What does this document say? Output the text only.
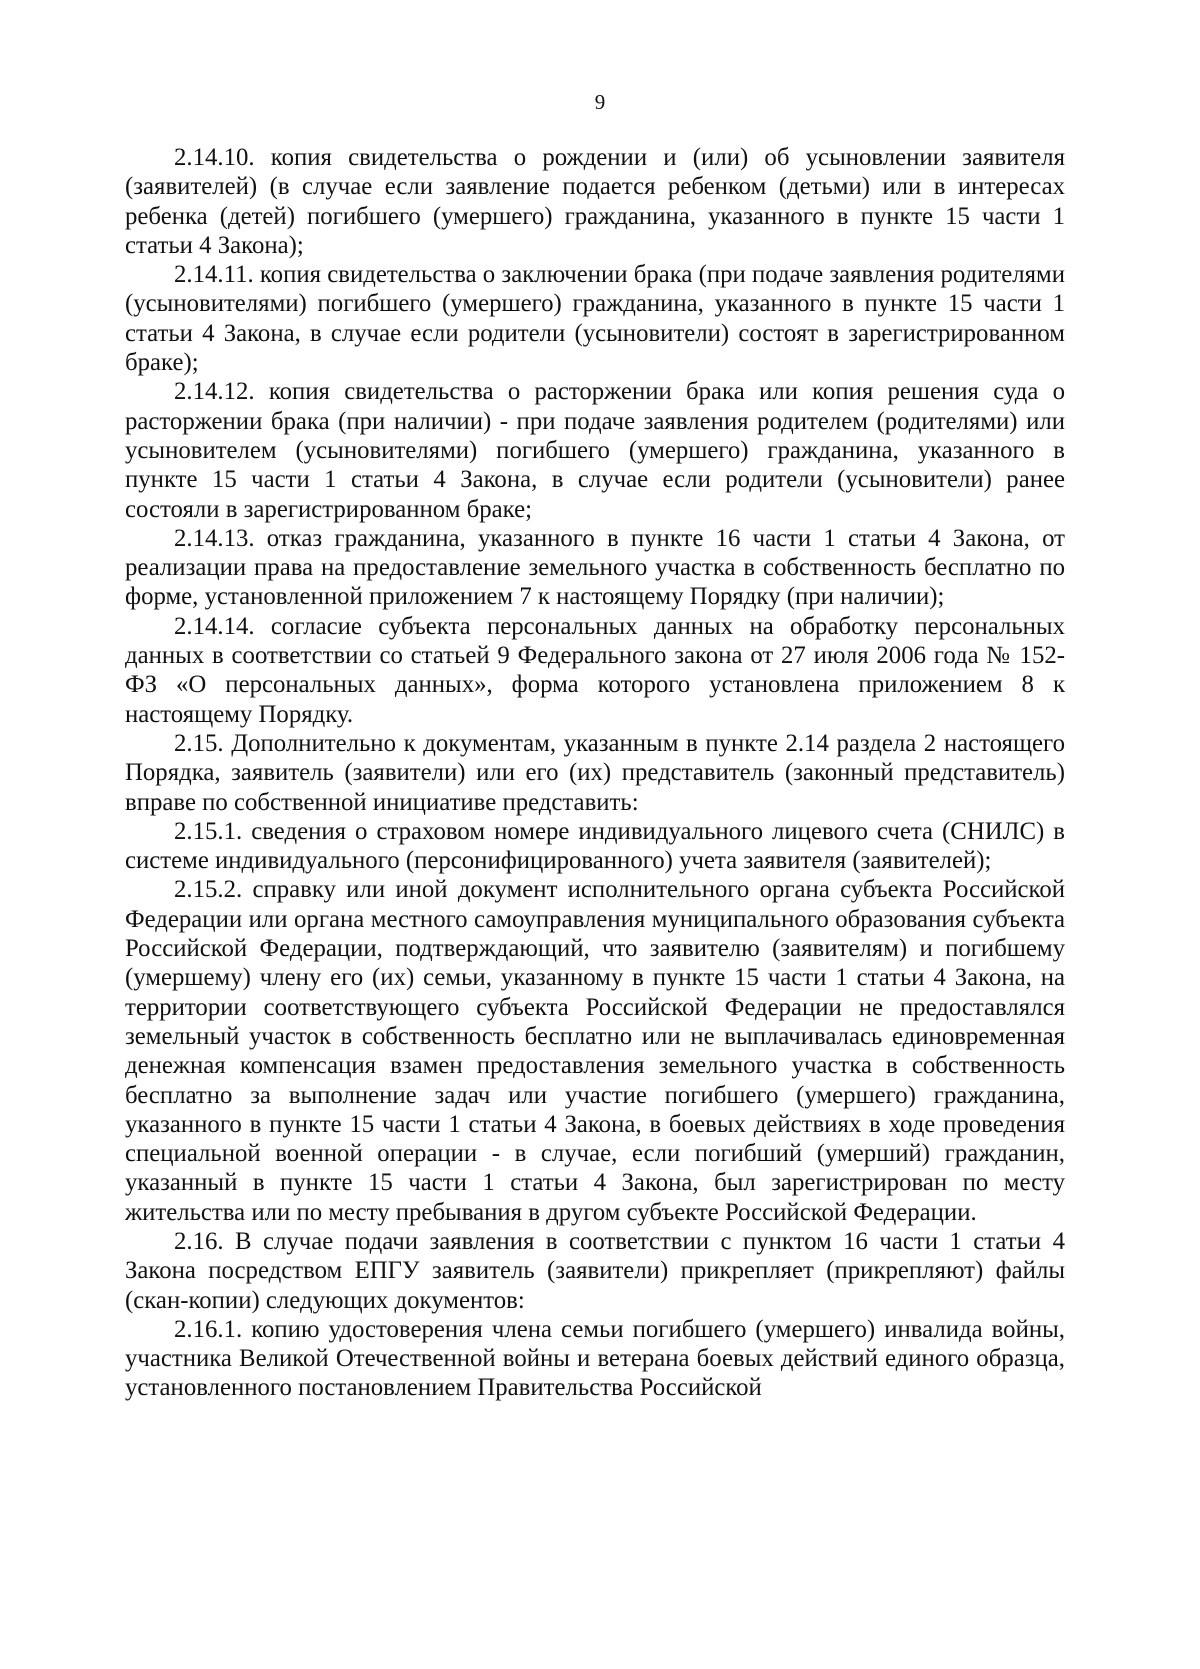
9

2.14.10. копия свидетельства о рождении и (или) об усыновлении заявителя (заявителей) (в случае если заявление подается ребенком (детьми) или в интересах ребенка (детей) погибшего (умершего) гражданина, указанного в пункте 15 части 1 статьи 4 Закона);

2.14.11. копия свидетельства о заключении брака (при подаче заявления родителями (усыновителями) погибшего (умершего) гражданина, указанного в пункте 15 части 1 статьи 4 Закона, в случае если родители (усыновители) состоят в зарегистрированном браке);

2.14.12. копия свидетельства о расторжении брака или копия решения суда о расторжении брака (при наличии) - при подаче заявления родителем (родителями) или усыновителем (усыновителями) погибшего (умершего) гражданина, указанного в пункте 15 части 1 статьи 4 Закона, в случае если родители (усыновители) ранее состояли в зарегистрированном браке;

2.14.13. отказ гражданина, указанного в пункте 16 части 1 статьи 4 Закона, от реализации права на предоставление земельного участка в собственность бесплатно по форме, установленной приложением 7 к настоящему Порядку (при наличии);

2.14.14. согласие субъекта персональных данных на обработку персональных данных в соответствии со статьей 9 Федерального закона от 27 июля 2006 года № 152-ФЗ «О персональных данных», форма которого установлена приложением 8 к настоящему Порядку.

2.15. Дополнительно к документам, указанным в пункте 2.14 раздела 2 настоящего Порядка, заявитель (заявители) или его (их) представитель (законный представитель) вправе по собственной инициативе представить:

2.15.1. сведения о страховом номере индивидуального лицевого счета (СНИЛС) в системе индивидуального (персонифицированного) учета заявителя (заявителей);

2.15.2. справку или иной документ исполнительного органа субъекта Российской Федерации или органа местного самоуправления муниципального образования субъекта Российской Федерации, подтверждающий, что заявителю (заявителям) и погибшему (умершему) члену его (их) семьи, указанному в пункте 15 части 1 статьи 4 Закона, на территории соответствующего субъекта Российской Федерации не предоставлялся земельный участок в собственность бесплатно или не выплачивалась единовременная денежная компенсация взамен предоставления земельного участка в собственность бесплатно за выполнение задач или участие погибшего (умершего) гражданина, указанного в пункте 15 части 1 статьи 4 Закона, в боевых действиях в ходе проведения специальной военной операции - в случае, если погибший (умерший) гражданин, указанный в пункте 15 части 1 статьи 4 Закона, был зарегистрирован по месту жительства или по месту пребывания в другом субъекте Российской Федерации.

2.16. В случае подачи заявления в соответствии с пунктом 16 части 1 статьи 4 Закона посредством ЕПГУ заявитель (заявители) прикрепляет (прикрепляют) файлы (скан-копии) следующих документов:

2.16.1. копию удостоверения члена семьи погибшего (умершего) инвалида войны, участника Великой Отечественной войны и ветерана боевых действий единого образца, установленного постановлением Правительства Российской
